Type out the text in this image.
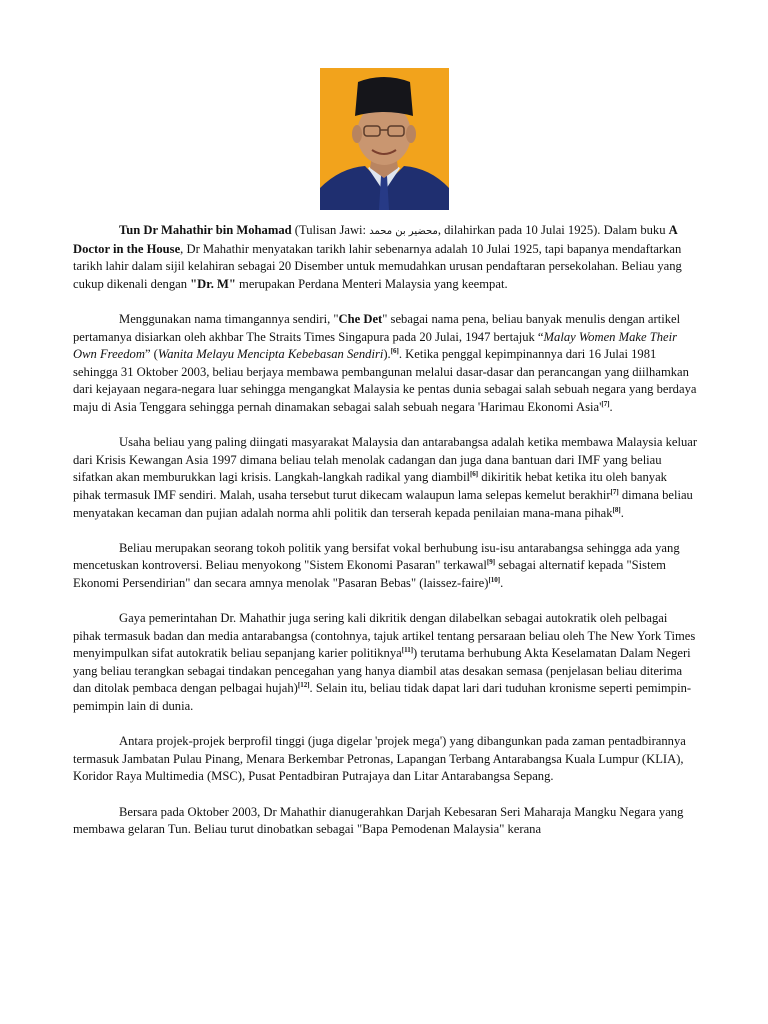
Tun Dr Mahathir bin Mohamad (Tulisan Jawi: محضير بن محمد, dilahirkan pada 10 Julai 1925). Dalam buku A Doctor in the House, Dr Mahathir menyatakan tarikh lahir sebenarnya adalah 10 Julai 1925, tapi bapanya mendaftarkan tarikh lahir dalam sijil kelahiran sebagai 20 Disember untuk memudahkan urusan pendaftaran persekolahan. Beliau yang cukup dikenali dengan "Dr. M" merupakan Perdana Menteri Malaysia yang keempat.

Menggunakan nama timangannya sendiri, "Che Det" sebagai nama pena, beliau banyak menulis dengan artikel pertamanya disiarkan oleh akhbar The Straits Times Singapura pada 20 Julai, 1947 bertajuk “Malay Women Make Their Own Freedom” (Wanita Melayu Mencipta Kebebasan Sendiri).[6]. Ketika penggal kepimpinannya dari 16 Julai 1981 sehingga 31 Oktober 2003, beliau berjaya membawa pembangunan melalui dasar-dasar dan perancangan yang diilhamkan dari kejayaan negara-negara luar sehingga mengangkat Malaysia ke pentas dunia sebagai salah sebuah negara yang berdaya maju di Asia Tenggara sehingga pernah dinamakan sebagai salah sebuah negara 'Harimau Ekonomi Asia'[7].

Usaha beliau yang paling diingati masyarakat Malaysia dan antarabangsa adalah ketika membawa Malaysia keluar dari Krisis Kewangan Asia 1997 dimana beliau telah menolak cadangan dan juga dana bantuan dari IMF yang beliau sifatkan akan memburukkan lagi krisis. Langkah-langkah radikal yang diambil[6] dikiritik hebat ketika itu oleh banyak pihak termasuk IMF sendiri. Malah, usaha tersebut turut dikecam walaupun lama selepas kemelut berakhir[7] dimana beliau menyatakan kecaman dan pujian adalah norma ahli politik dan terserah kepada penilaian mana-mana pihak[8].

Beliau merupakan seorang tokoh politik yang bersifat vokal berhubung isu-isu antarabangsa sehingga ada yang mencetuskan kontroversi. Beliau menyokong "Sistem Ekonomi Pasaran" terkawal[9] sebagai alternatif kepada "Sistem Ekonomi Persendirian" dan secara amnya menolak "Pasaran Bebas" (laissez-faire)[10].

Gaya pemerintahan Dr. Mahathir juga sering kali dikritik dengan dilabelkan sebagai autokratik oleh pelbagai pihak termasuk badan dan media antarabangsa (contohnya, tajuk artikel tentang persaraan beliau oleh The New York Times menyimpulkan sifat autokratik beliau sepanjang karier politiknya[11]) terutama berhubung Akta Keselamatan Dalam Negeri yang beliau terangkan sebagai tindakan pencegahan yang hanya diambil atas desakan semasa (penjelasan beliau diterima dan ditolak pembaca dengan pelbagai hujah)[12]. Selain itu, beliau tidak dapat lari dari tuduhan kronisme seperti pemimpin-pemimpin lain di dunia.

Antara projek-projek berprofil tinggi (juga digelar 'projek mega') yang dibangunkan pada zaman pentadbirannya termasuk Jambatan Pulau Pinang, Menara Berkembar Petronas, Lapangan Terbang Antarabangsa Kuala Lumpur (KLIA), Koridor Raya Multimedia (MSC), Pusat Pentadbiran Putrajaya dan Litar Antarabangsa Sepang.

Bersara pada Oktober 2003, Dr Mahathir dianugerahkan Darjah Kebesaran Seri Maharaja Mangku Negara yang membawa gelaran Tun. Beliau turut dinobatkan sebagai "Bapa Pemodenan Malaysia" kerana
